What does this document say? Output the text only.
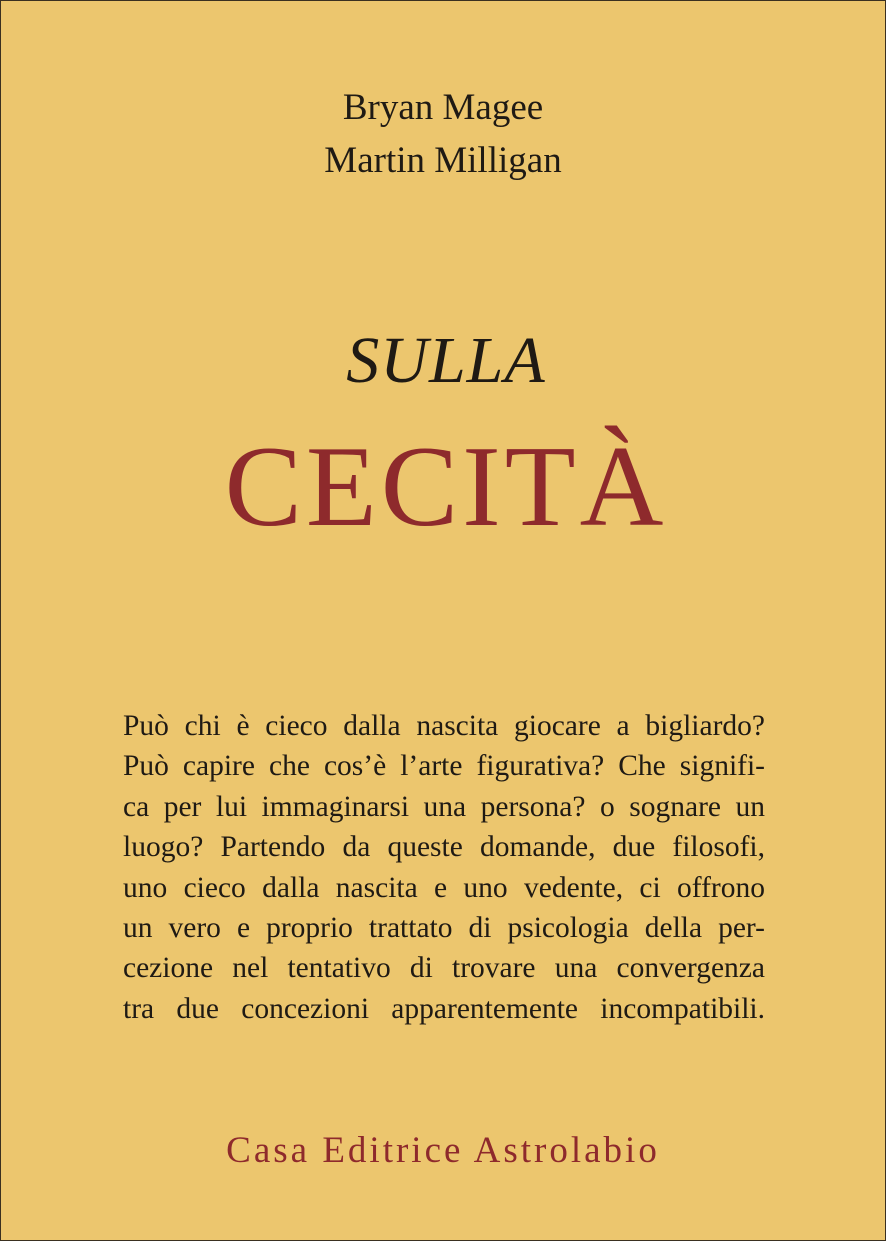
Bryan Magee
Martin Milligan
SULLA
CECITÀ
Può chi è cieco dalla nascita giocare a bigliardo?
Può capire che cos’è l’arte figurativa? Che signifi-
ca per lui immaginarsi una persona? o sognare un
luogo? Partendo da queste domande, due filosofi,
uno cieco dalla nascita e uno vedente, ci offrono
un vero e proprio trattato di psicologia della per-
cezione nel tentativo di trovare una convergenza
tra due concezioni apparentemente incompatibili.
Casa Editrice Astrolabio
